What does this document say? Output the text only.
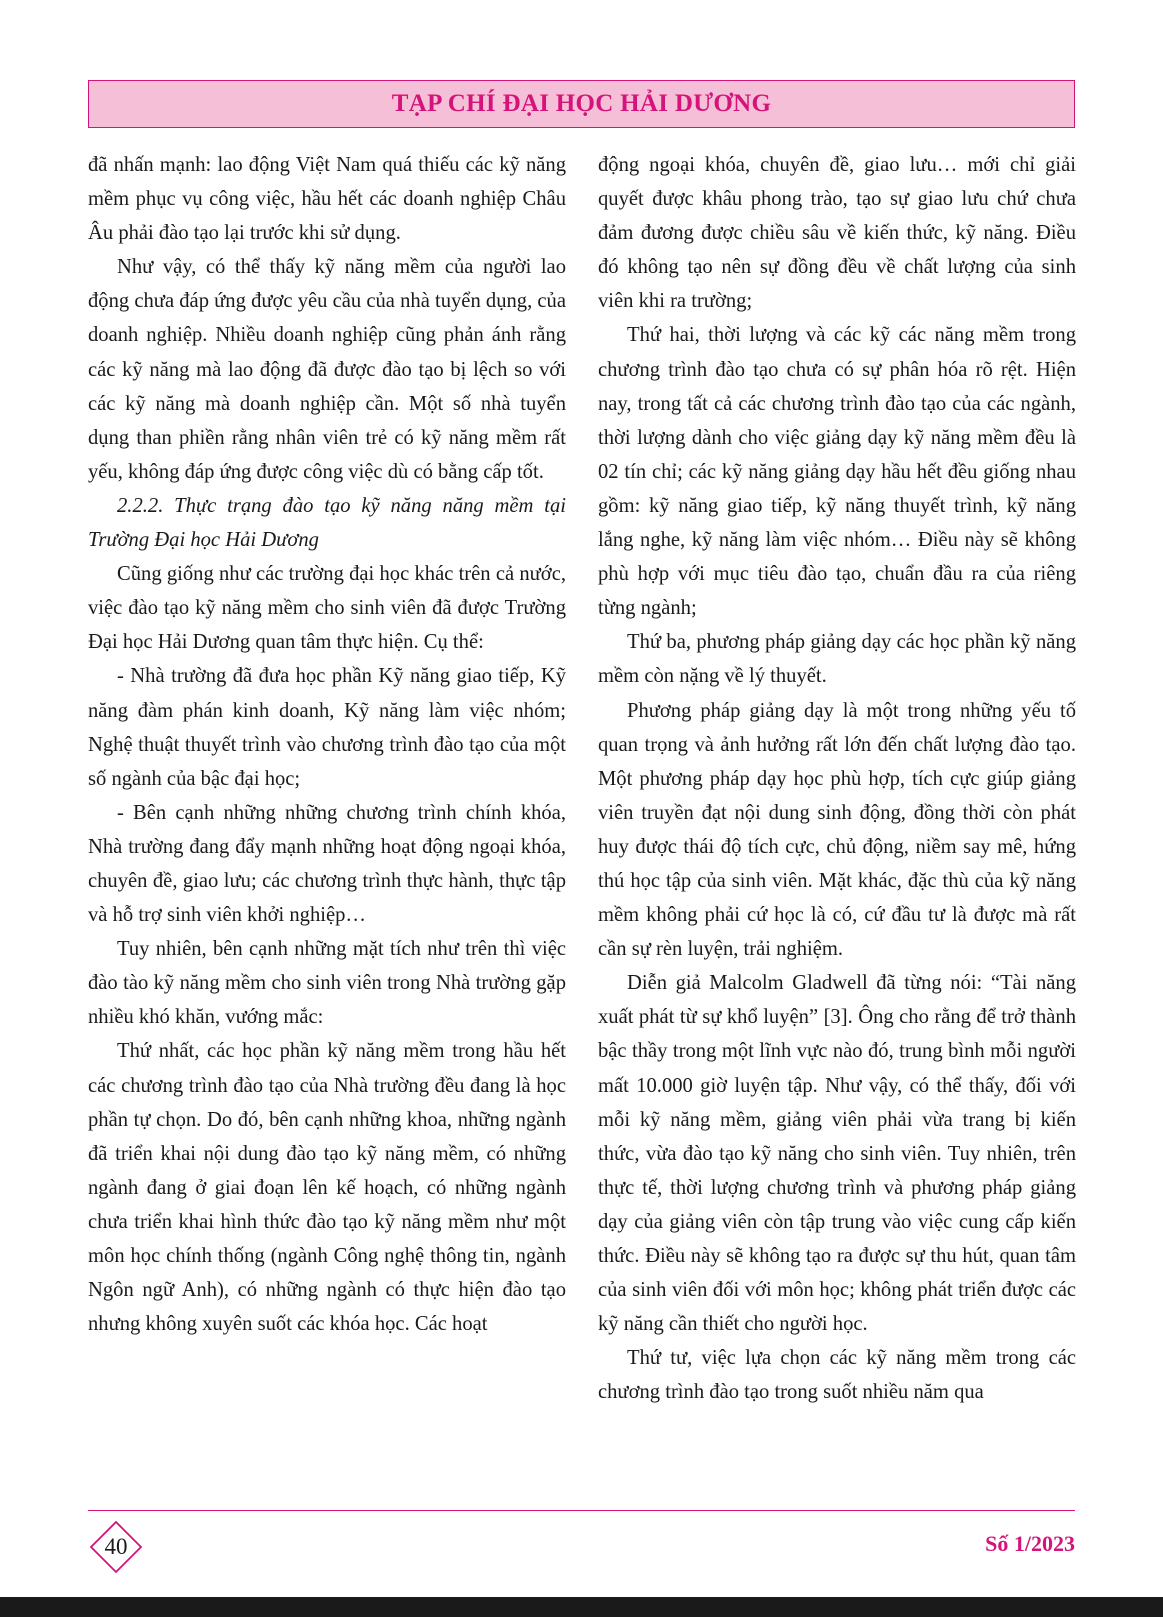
TẠP CHÍ ĐẠI HỌC HẢI DƯƠNG

đã nhấn mạnh: lao động Việt Nam quá thiếu các kỹ năng mềm phục vụ công việc, hầu hết các doanh nghiệp Châu Âu phải đào tạo lại trước khi sử dụng.

Như vậy, có thể thấy kỹ năng mềm của người lao động chưa đáp ứng được yêu cầu của nhà tuyển dụng, của doanh nghiệp. Nhiều doanh nghiệp cũng phản ánh rằng các kỹ năng mà lao động đã được đào tạo bị lệch so với các kỹ năng mà doanh nghiệp cần. Một số nhà tuyển dụng than phiền rằng nhân viên trẻ có kỹ năng mềm rất yếu, không đáp ứng được công việc dù có bằng cấp tốt.

2.2.2. Thực trạng đào tạo kỹ năng năng mềm tại Trường Đại học Hải Dương

Cũng giống như các trường đại học khác trên cả nước, việc đào tạo kỹ năng mềm cho sinh viên đã được Trường Đại học Hải Dương quan tâm thực hiện. Cụ thể:

- Nhà trường đã đưa học phần Kỹ năng giao tiếp, Kỹ năng đàm phán kinh doanh, Kỹ năng làm việc nhóm; Nghệ thuật thuyết trình vào chương trình đào tạo của một số ngành của bậc đại học;

- Bên cạnh những những chương trình chính khóa, Nhà trường đang đẩy mạnh những hoạt động ngoại khóa, chuyên đề, giao lưu; các chương trình thực hành, thực tập và hỗ trợ sinh viên khởi nghiệp…

Tuy nhiên, bên cạnh những mặt tích như trên thì việc đào tào kỹ năng mềm cho sinh viên trong Nhà trường gặp nhiều khó khăn, vướng mắc:

Thứ nhất, các học phần kỹ năng mềm trong hầu hết các chương trình đào tạo của Nhà trường đều đang là học phần tự chọn. Do đó, bên cạnh những khoa, những ngành đã triển khai nội dung đào tạo kỹ năng mềm, có những ngành đang ở giai đoạn lên kế hoạch, có những ngành chưa triển khai hình thức đào tạo kỹ năng mềm như một môn học chính thống (ngành Công nghệ thông tin, ngành Ngôn ngữ Anh), có những ngành có thực hiện đào tạo nhưng không xuyên suốt các khóa học. Các hoạt

động ngoại khóa, chuyên đề, giao lưu… mới chỉ giải quyết được khâu phong trào, tạo sự giao lưu chứ chưa đảm đương được chiều sâu về kiến thức, kỹ năng. Điều đó không tạo nên sự đồng đều về chất lượng của sinh viên khi ra trường;

Thứ hai, thời lượng và các kỹ các năng mềm trong chương trình đào tạo chưa có sự phân hóa rõ rệt. Hiện nay, trong tất cả các chương trình đào tạo của các ngành, thời lượng dành cho việc giảng dạy kỹ năng mềm đều là 02 tín chỉ; các kỹ năng giảng dạy hầu hết đều giống nhau gồm: kỹ năng giao tiếp, kỹ năng thuyết trình, kỹ năng lắng nghe, kỹ năng làm việc nhóm… Điều này sẽ không phù hợp với mục tiêu đào tạo, chuẩn đầu ra của riêng từng ngành;

Thứ ba, phương pháp giảng dạy các học phần kỹ năng mềm còn nặng về lý thuyết.

Phương pháp giảng dạy là một trong những yếu tố quan trọng và ảnh hưởng rất lớn đến chất lượng đào tạo. Một phương pháp dạy học phù hợp, tích cực giúp giảng viên truyền đạt nội dung sinh động, đồng thời còn phát huy được thái độ tích cực, chủ động, niềm say mê, hứng thú học tập của sinh viên. Mặt khác, đặc thù của kỹ năng mềm không phải cứ học là có, cứ đầu tư là được mà rất cần sự rèn luyện, trải nghiệm.

Diễn giả Malcolm Gladwell đã từng nói: “Tài năng xuất phát từ sự khổ luyện” [3]. Ông cho rằng để trở thành bậc thầy trong một lĩnh vực nào đó, trung bình mỗi người mất 10.000 giờ luyện tập. Như vậy, có thể thấy, đối với mỗi kỹ năng mềm, giảng viên phải vừa trang bị kiến thức, vừa đào tạo kỹ năng cho sinh viên. Tuy nhiên, trên thực tế, thời lượng chương trình và phương pháp giảng dạy của giảng viên còn tập trung vào việc cung cấp kiến thức. Điều này sẽ không tạo ra được sự thu hút, quan tâm của sinh viên đối với môn học; không phát triển được các kỹ năng cần thiết cho người học.

Thứ tư, việc lựa chọn các kỹ năng mềm trong các chương trình đào tạo trong suốt nhiều năm qua

40	Số 1/2023
